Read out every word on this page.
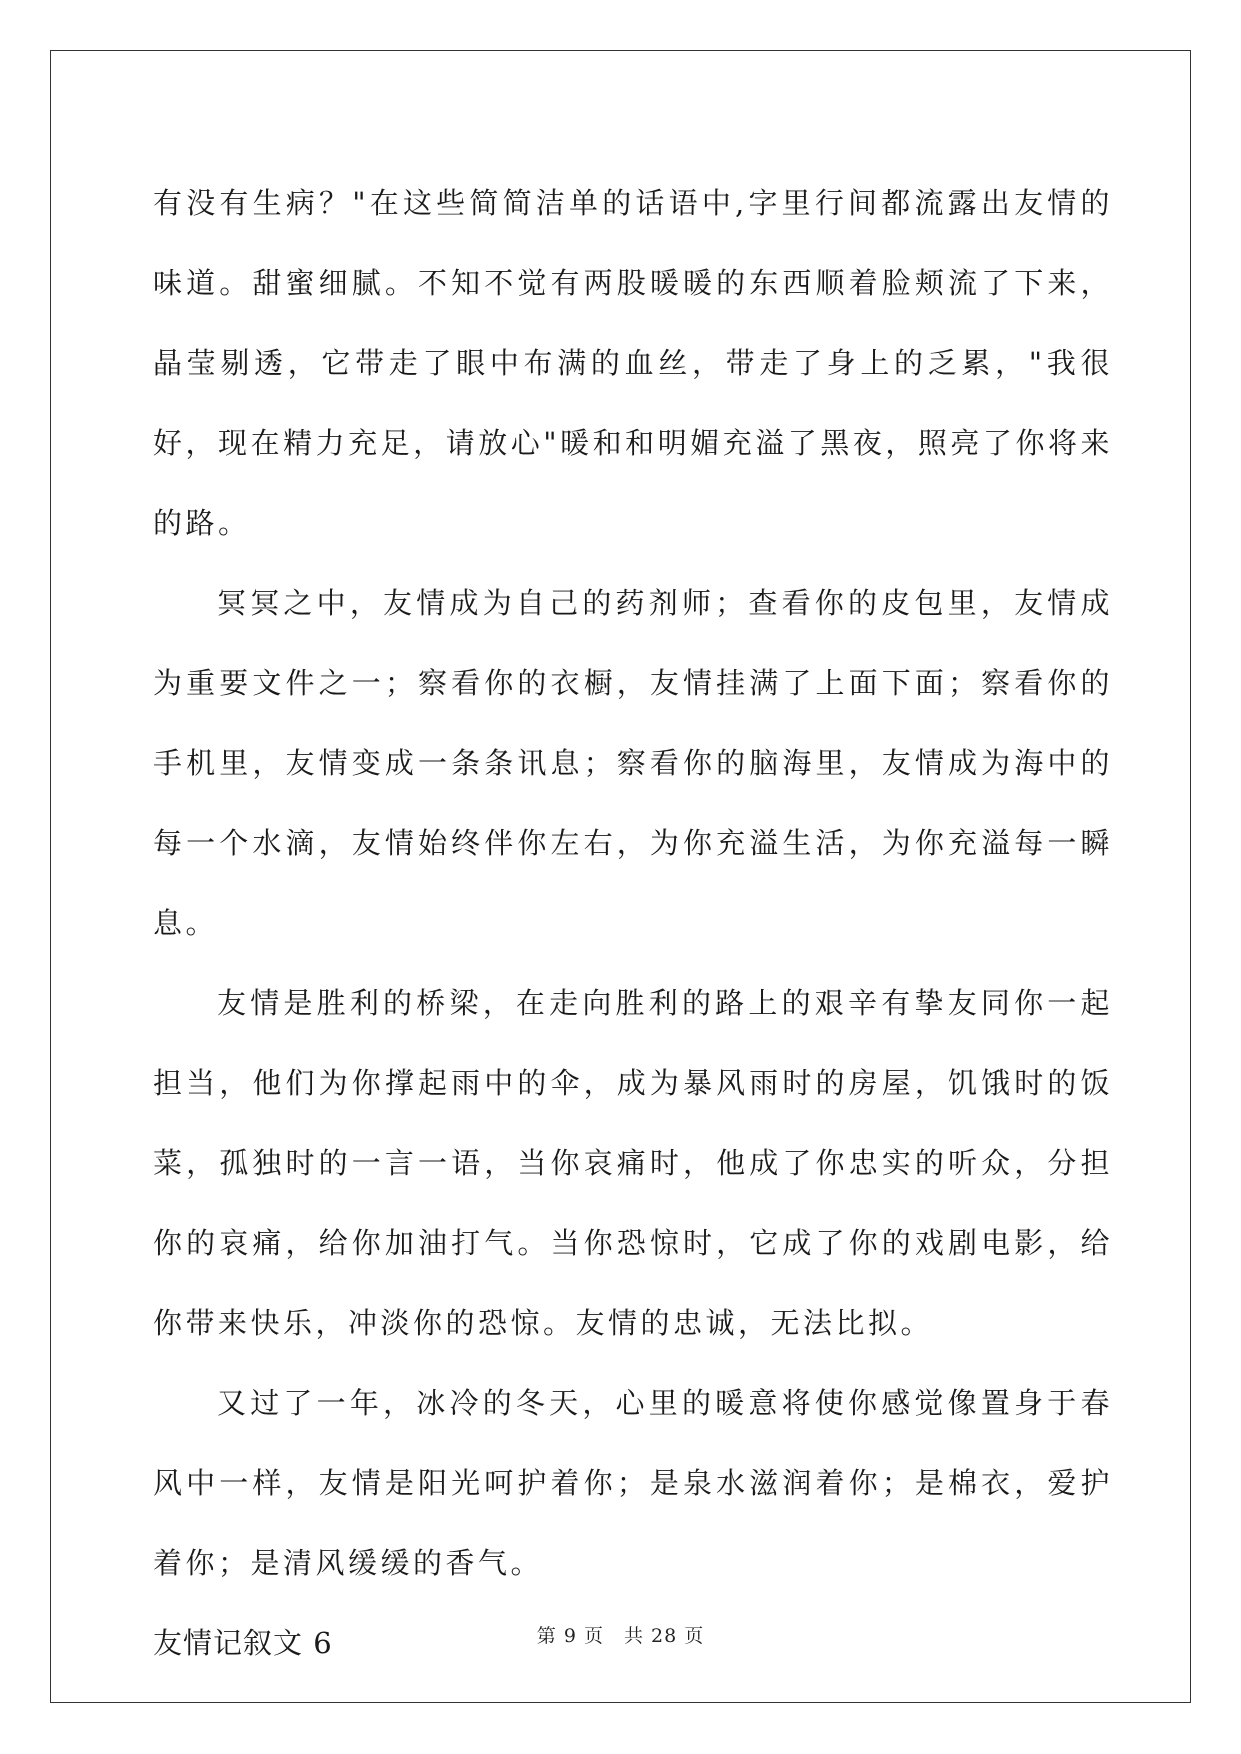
有没有生病？"在这些简简洁单的话语中,字里行间都流露出友情的味道。甜蜜细腻。不知不觉有两股暖暖的东西顺着脸颊流了下来，晶莹剔透，它带走了眼中布满的血丝，带走了身上的乏累，"我很好，现在精力充足，请放心"暖和和明媚充溢了黑夜，照亮了你将来的路。

冥冥之中，友情成为自己的药剂师；查看你的皮包里，友情成为重要文件之一；察看你的衣橱，友情挂满了上面下面；察看你的手机里，友情变成一条条讯息；察看你的脑海里，友情成为海中的每一个水滴，友情始终伴你左右，为你充溢生活，为你充溢每一瞬息。

友情是胜利的桥梁，在走向胜利的路上的艰辛有挚友同你一起担当，他们为你撑起雨中的伞，成为暴风雨时的房屋，饥饿时的饭菜，孤独时的一言一语，当你哀痛时，他成了你忠实的听众，分担你的哀痛，给你加油打气。当你恐惊时，它成了你的戏剧电影，给你带来快乐，冲淡你的恐惊。友情的忠诚，无法比拟。

又过了一年，冰冷的冬天，心里的暖意将使你感觉像置身于春风中一样，友情是阳光呵护着你；是泉水滋润着你；是棉衣，爱护着你；是清风缓缓的香气。

友情记叙文 6	第 9 页 共 28 页
